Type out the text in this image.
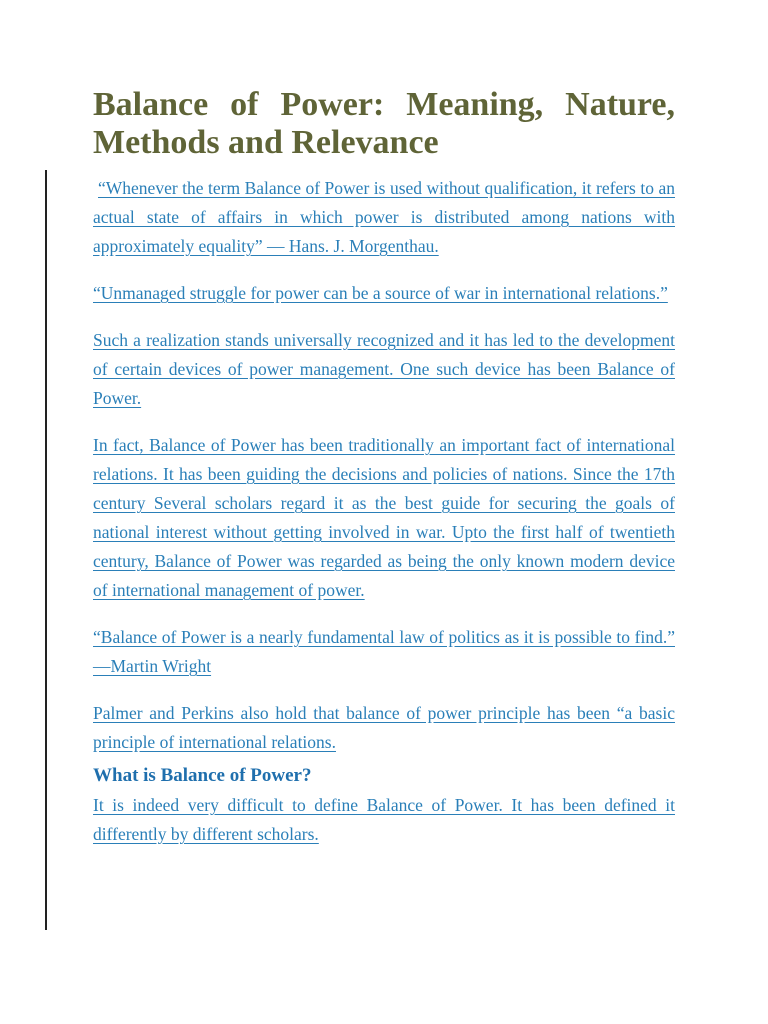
Balance of Power: Meaning, Nature, Methods and Relevance

“Whenever the term Balance of Power is used without qualification, it refers to an actual state of affairs in which power is distributed among nations with approximately equality” — Hans. J. Morgenthau.

“Unmanaged struggle for power can be a source of war in international relations.”

Such a realization stands universally recognized and it has led to the development of certain devices of power management. One such device has been Balance of Power.

In fact, Balance of Power has been traditionally an important fact of international relations. It has been guiding the decisions and policies of nations. Since the 17th century Several scholars regard it as the best guide for securing the goals of national interest without getting involved in war. Upto the first half of twentieth century, Balance of Power was regarded as being the only known modern device of international management of power.

“Balance of Power is a nearly fundamental law of politics as it is possible to find.” —Martin Wright

Palmer and Perkins also hold that balance of power principle has been “a basic principle of international relations.

What is Balance of Power?

It is indeed very difficult to define Balance of Power. It has been defined it differently by different scholars.
